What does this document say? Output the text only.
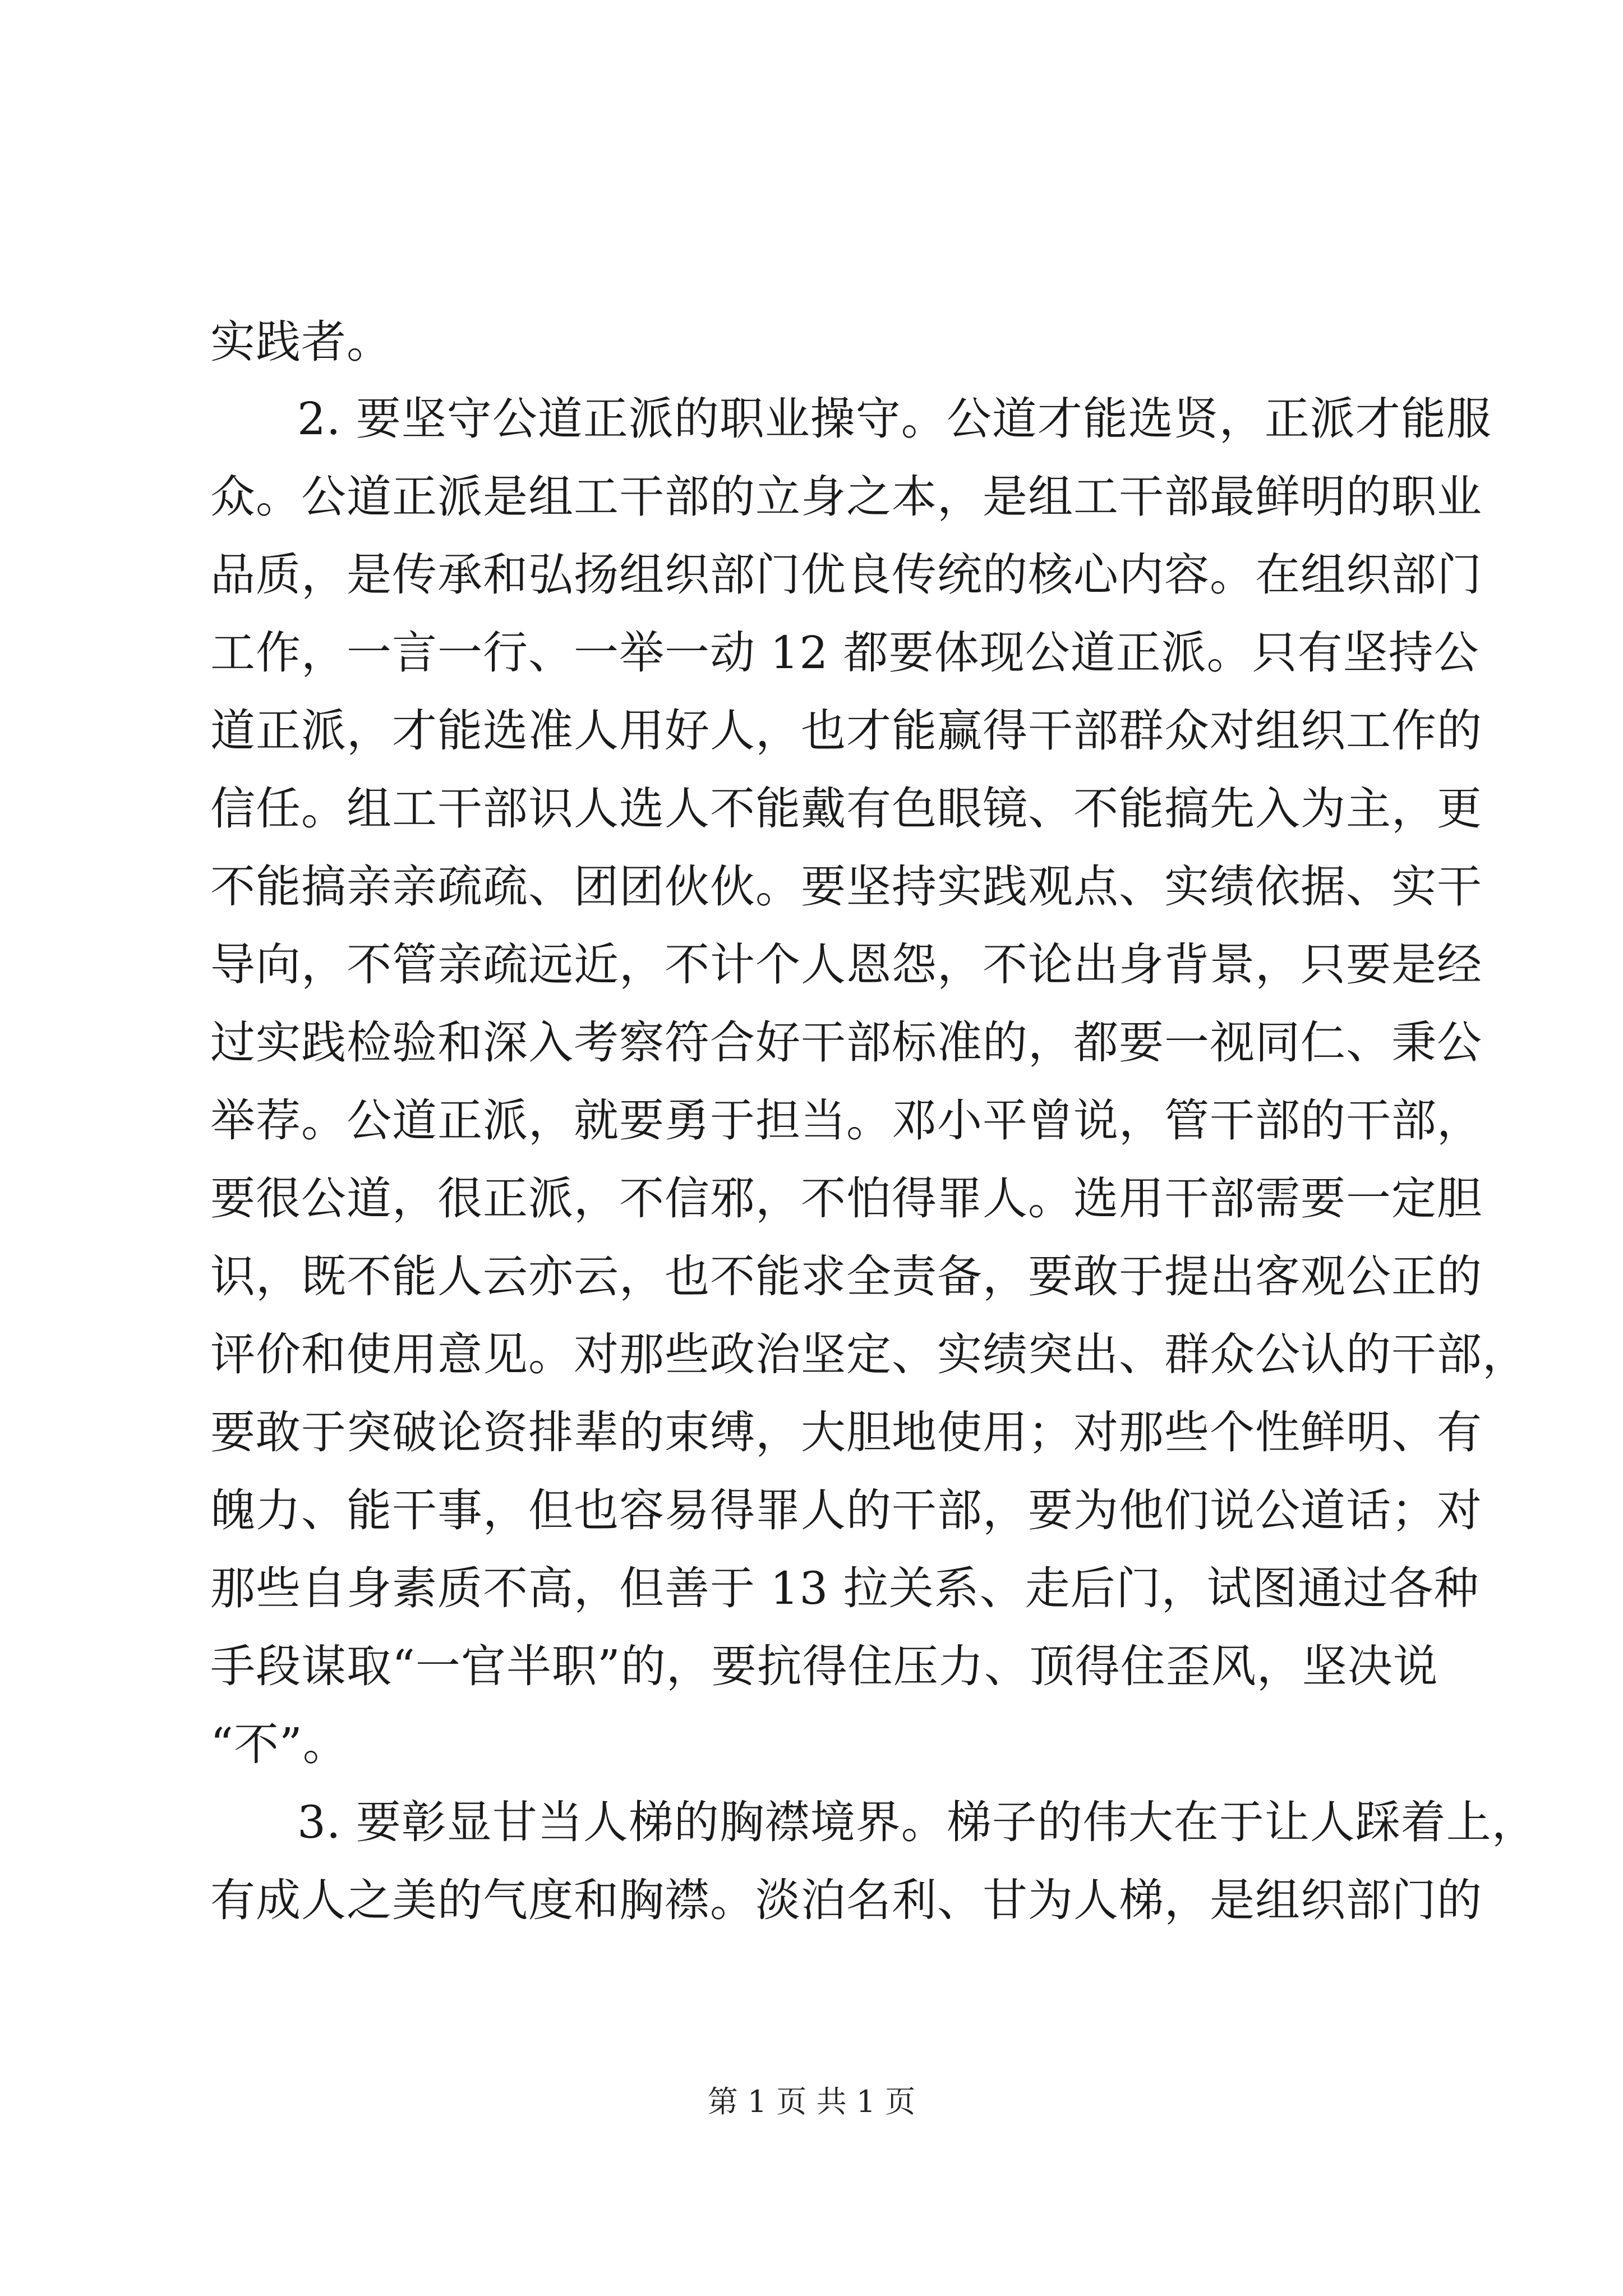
实践者。
2. 要坚守公道正派的职业操守。公道才能选贤，正派才能服
众。公道正派是组工干部的立身之本，是组工干部最鲜明的职业
品质，是传承和弘扬组织部门优良传统的核心内容。在组织部门
工作，一言一行、一举一动 12 都要体现公道正派。只有坚持公
道正派，才能选准人用好人，也才能赢得干部群众对组织工作的
信任。组工干部识人选人不能戴有色眼镜、不能搞先入为主，更
不能搞亲亲疏疏、团团伙伙。要坚持实践观点、实绩依据、实干
导向，不管亲疏远近，不计个人恩怨，不论出身背景，只要是经
过实践检验和深入考察符合好干部标准的，都要一视同仁、秉公
举荐。公道正派，就要勇于担当。邓小平曾说，管干部的干部，
要很公道，很正派，不信邪，不怕得罪人。选用干部需要一定胆
识，既不能人云亦云，也不能求全责备，要敢于提出客观公正的
评价和使用意见。对那些政治坚定、实绩突出、群众公认的干部，
要敢于突破论资排辈的束缚，大胆地使用；对那些个性鲜明、有
魄力、能干事，但也容易得罪人的干部，要为他们说公道话；对
那些自身素质不高，但善于 13 拉关系、走后门，试图通过各种
手段谋取“一官半职”的，要抗得住压力、顶得住歪风，坚决说
“不”。
3. 要彰显甘当人梯的胸襟境界。梯子的伟大在于让人踩着上，
有成人之美的气度和胸襟。淡泊名利、甘为人梯，是组织部门的
第 1 页 共 1 页
